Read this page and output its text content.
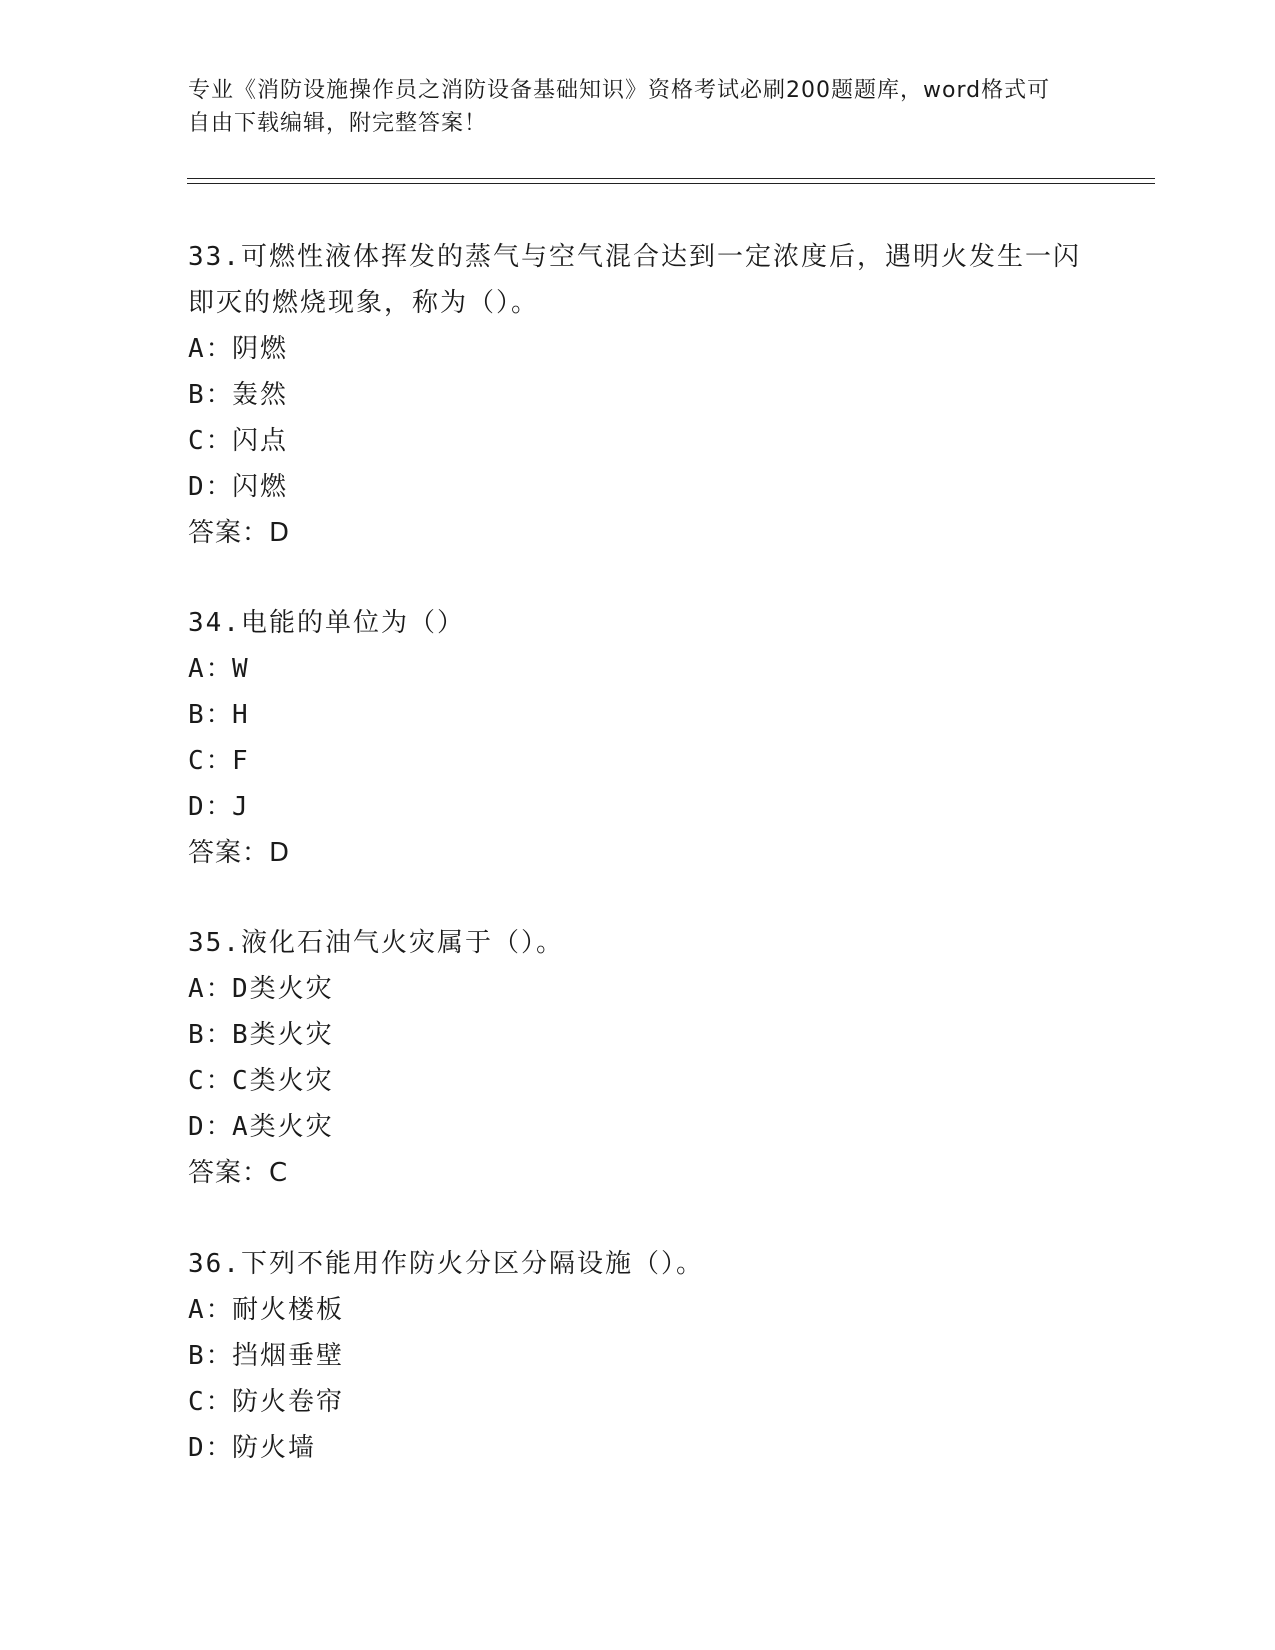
专业《消防设施操作员之消防设备基础知识》资格考试必刷200题题库，word格式可自由下载编辑，附完整答案！

33.可燃性液体挥发的蒸气与空气混合达到一定浓度后，遇明火发生一闪即灭的燃烧现象，称为（）。

A：阴燃
B：轰然
C：闪点
D：闪燃
答案：D

34.电能的单位为（）

A：W
B：H
C：F
D：J
答案：D

35.液化石油气火灾属于（）。

A：D类火灾
B：B类火灾
C：C类火灾
D：A类火灾
答案：C

36.下列不能用作防火分区分隔设施（）。

A：耐火楼板
B：挡烟垂壁
C：防火卷帘
D：防火墙
